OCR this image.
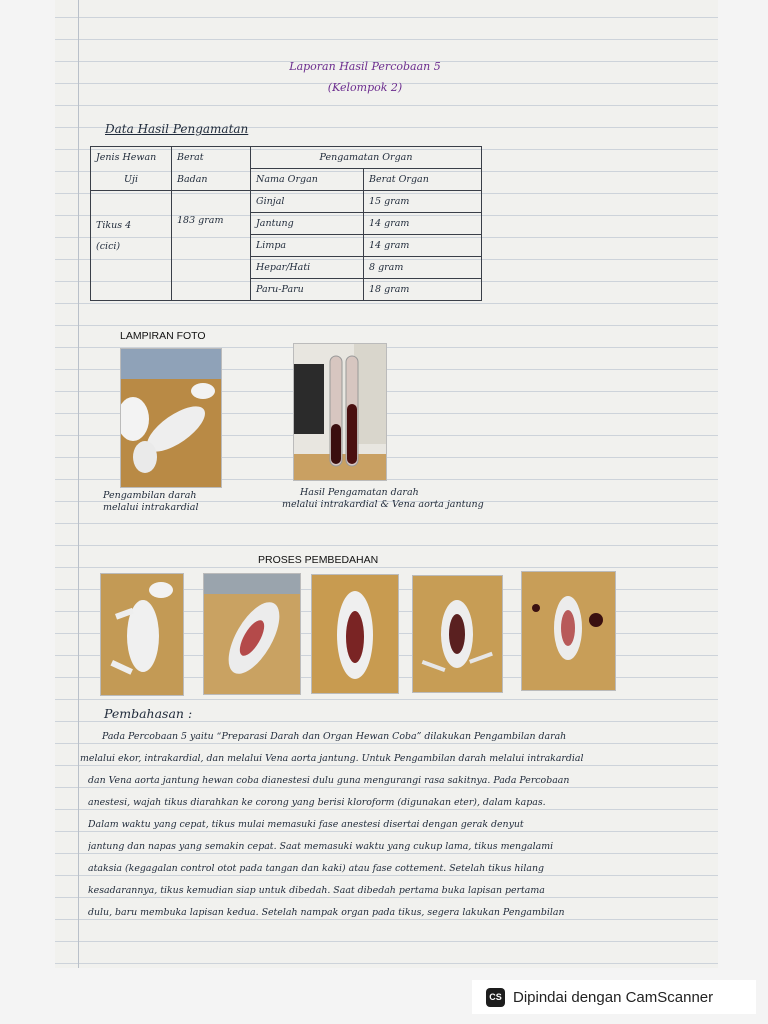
Laporan Hasil Percobaan 5
(Kelompok 2)
Data Hasil Pengamatan
Jenis Hewan	Berat	Pengamatan Organ	
Uji	Badan	Nama Organ	Berat Organ

Tikus 4
(cici)	183 gram	Ginjal	15 gram
		Jantung	14 gram
		Limpa	14 gram
		Hepar/Hati	8 gram
		Paru-Paru	18 gram
LAMPIRAN FOTO
Pengambilan darah
melalui intrakardial
Hasil Pengamatan darah
melalui intrakardial & Vena aorta jantung
PROSES PEMBEDAHAN
Pembahasan :
Pada Percobaan 5 yaitu “Preparasi Darah dan Organ Hewan Coba” dilakukan Pengambilan darah
melalui ekor, intrakardial, dan melalui Vena aorta jantung. Untuk Pengambilan darah melalui intrakardial
dan Vena aorta jantung hewan coba dianestesi dulu guna mengurangi rasa sakitnya. Pada Percobaan
anestesi, wajah tikus diarahkan ke corong yang berisi kloroform (digunakan eter), dalam kapas.
Dalam waktu yang cepat, tikus mulai memasuki fase anestesi disertai dengan gerak denyut
jantung dan napas yang semakin cepat. Saat memasuki waktu yang cukup lama, tikus mengalami
ataksia (kegagalan control otot pada tangan dan kaki) atau fase cottement. Setelah tikus hilang
kesadarannya, tikus kemudian siap untuk dibedah. Saat dibedah pertama buka lapisan pertama
dulu, baru membuka lapisan kedua. Setelah nampak organ pada tikus, segera lakukan Pengambilan
CS Dipindai dengan CamScanner
